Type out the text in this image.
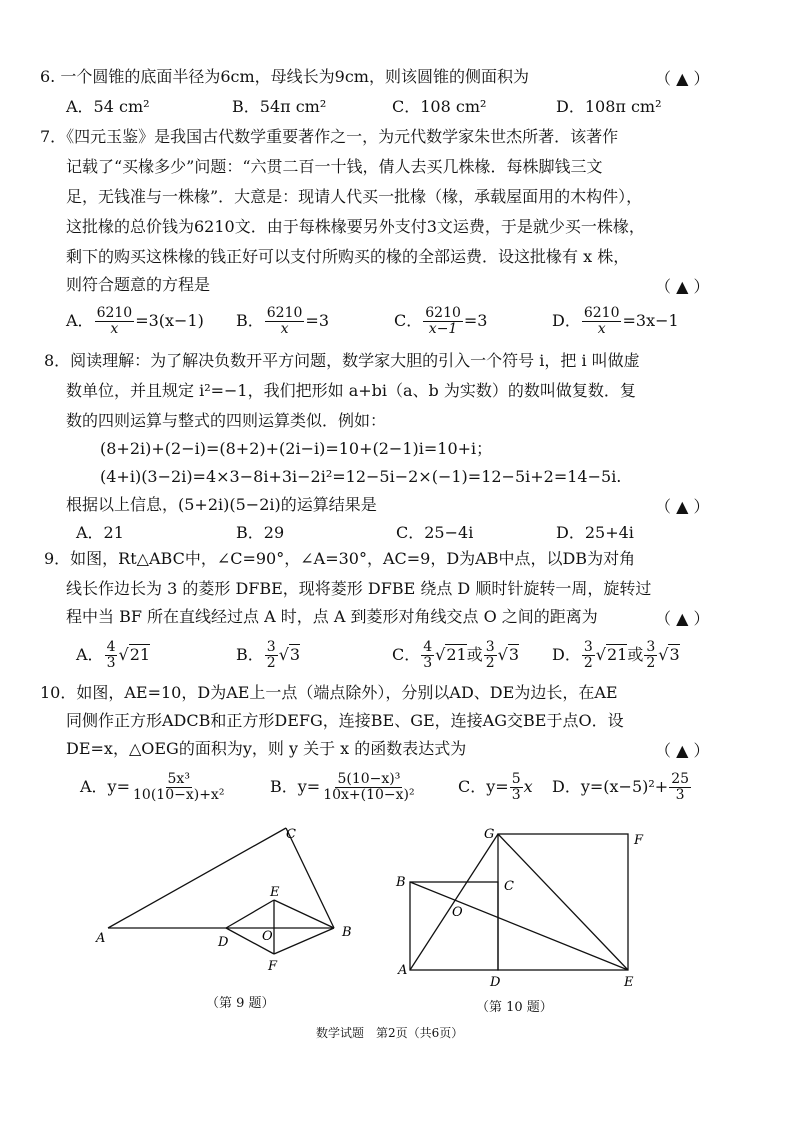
6. 一个圆锥的底面半径为6cm，母线长为9cm，则该圆锥的侧面积为	（ ▲ ）
A．54 cm²	B．54π cm²	C．108 cm²	D．108π cm²
7．《四元玉鉴》是我国古代数学重要著作之一，为元代数学家朱世杰所著．该著作
记载了“买椽多少”问题：“六贯二百一十钱，倩人去买几株椽．每株脚钱三文
足，无钱准与一株椽”．大意是：现请人代买一批椽（椽，承载屋面用的木构件），
这批椽的总价钱为6210文．由于每株椽要另外支付3文运费，于是就少买一株椽，
剩下的购买这株椽的钱正好可以支付所购买的椽的全部运费．设这批椽有 x 株，
则符合题意的方程是	（ ▲ ）
A． $\frac{6210}{x} =3(x-1)$ B． $\frac{6210}{x} =3$	C． $\frac{6210}{x-1} =3$	D． $\frac{6210}{x} =3x-1$
8．阅读理解：为了解决负数开平方问题，数学家大胆的引入一个符号 i，把 i 叫做虚
数单位，并且规定 i²=−1，我们把形如 a+bi（a、b 为实数）的数叫做复数．复
数的四则运算与整式的四则运算类似．例如：
(8+2i)+(2−i)=(8+2)+(2i−i)=10+(2−1)i=10+i；
(4+i)(3−2i)=4×3−8i+3i−2i²=12−5i−2×(−1)=12−5i+2=14−5i.
根据以上信息，(5+2i)(5−2i)的运算结果是	（ ▲ ）
A．21	B．29	C．25−4i	D．25+4i
9．如图，Rt△ABC中，∠C=90°，∠A=30°，AC=9，D为AB中点，以DB为对角
线长作边长为 3 的菱形 DFBE，现将菱形 DFBE 绕点 D 顺时针旋转一周，旋转过
程中当 BF 所在直线经过点 A 时，点 A 到菱形对角线交点 O 之间的距离为	（ ▲ ）
A． $\frac{4}{3} √21$	B． $\frac{3}{2} √3$	C． $\frac{4}{3} √21$或 $\frac{3}{2} √3$ D． $\frac{3}{2} √21$或 $\frac{3}{2} √3$
10．如图，AE=10，D为AE上一点（端点除外），分别以AD、DE为边长，在AE
同侧作正方形ADCB和正方形DEFG，连接BE、GE，连接AG交BE于点O．设
DE=x，△OEG的面积为y，则 y 关于 x 的函数表达式为	（ ▲ ）
A．$y= \frac{\text{5x³}}{\text{10(10−x)+x²}}$	B．$y= \frac{\text{5(10−x)³}}{\text{10x+(10−x)²}}$	C．$y= \frac{5}{3}$ x D．$y=(x-5)^2+ \frac{25}{3}$
A	B
C
D
E
F
O
（第 9 题）
A
B	C
D	E
F
G
O
（第 10 题）
数学试题　第2页（共6页）
